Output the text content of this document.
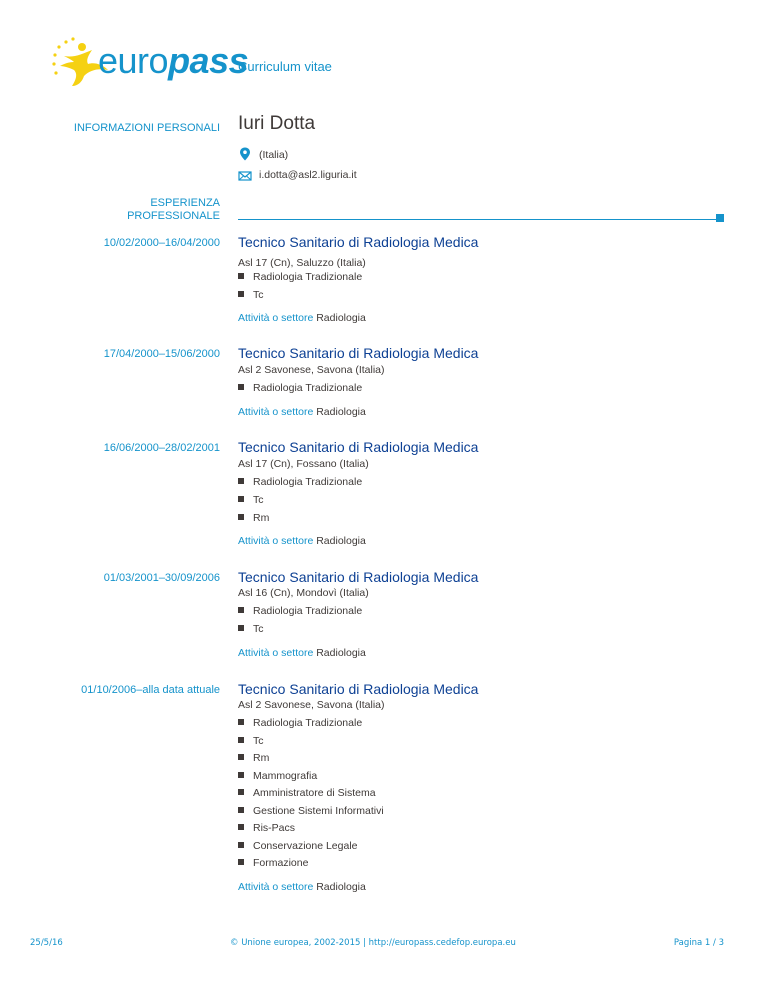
europass
Curriculum vitae
INFORMAZIONI PERSONALI Iuri Dotta
(Italia)
i.dotta@asl2.liguria.it
ESPERIENZA
PROFESSIONALE
10/02/2000–16/04/2000 Tecnico Sanitario di Radiologia Medica
Asl 17 (Cn), Saluzzo (Italia)
Radiologia Tradizionale
Tc
Attività o settore Radiologia
17/04/2000–15/06/2000 Tecnico Sanitario di Radiologia Medica
Asl 2 Savonese, Savona (Italia)
Radiologia Tradizionale
Attività o settore Radiologia
16/06/2000–28/02/2001 Tecnico Sanitario di Radiologia Medica
Asl 17 (Cn), Fossano (Italia)
Radiologia Tradizionale
Tc
Rm
Attività o settore Radiologia
01/03/2001–30/09/2006 Tecnico Sanitario di Radiologia Medica
Asl 16 (Cn), Mondovì (Italia)
Radiologia Tradizionale
Tc
Attività o settore Radiologia
01/10/2006–alla data attuale Tecnico Sanitario di Radiologia Medica
Asl 2 Savonese, Savona (Italia)
Radiologia Tradizionale
Tc
Rm
Mammografia
Amministratore di Sistema
Gestione Sistemi Informativi
Ris-Pacs
Conservazione Legale
Formazione
Attività o settore Radiologia
25/5/16	© Unione europea, 2002-2015 | http://europass.cedefop.europa.eu	Pagina 1 / 3
